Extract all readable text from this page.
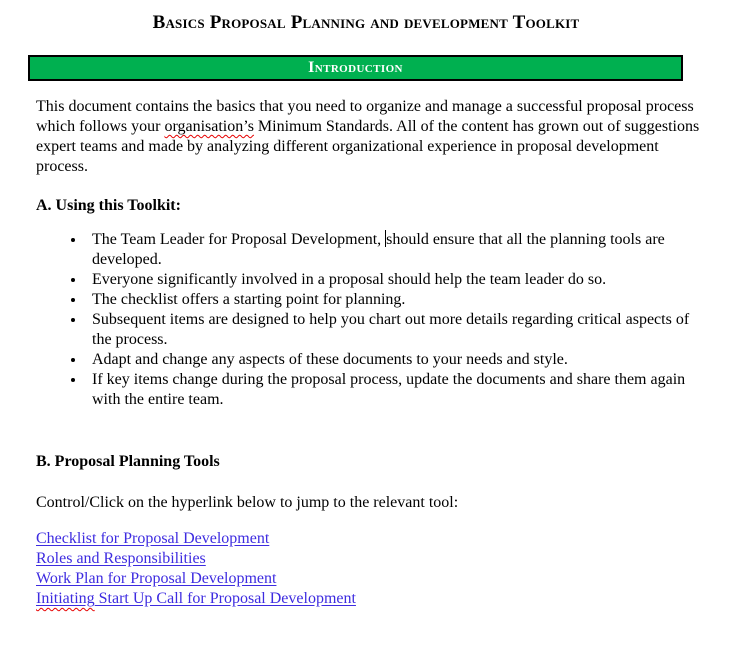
Basics Proposal Planning and development Toolkit
Introduction

This document contains the basics that you need to organize and manage a successful proposal process which follows your organisation’s Minimum Standards. All of the content has grown out of suggestions expert teams and made by analyzing different organizational experience in proposal development process.

A. Using this Toolkit:

• The Team Leader for Proposal Development, should ensure that all the planning tools are developed.
• Everyone significantly involved in a proposal should help the team leader do so.
• The checklist offers a starting point for planning.
• Subsequent items are designed to help you chart out more details regarding critical aspects of the process.
• Adapt and change any aspects of these documents to your needs and style.
• If key items change during the proposal process, update the documents and share them again with the entire team.

B. Proposal Planning Tools

Control/Click on the hyperlink below to jump to the relevant tool:

Checklist for Proposal Development
Roles and Responsibilities
Work Plan for Proposal Development
Initiating Start Up Call for Proposal Development
